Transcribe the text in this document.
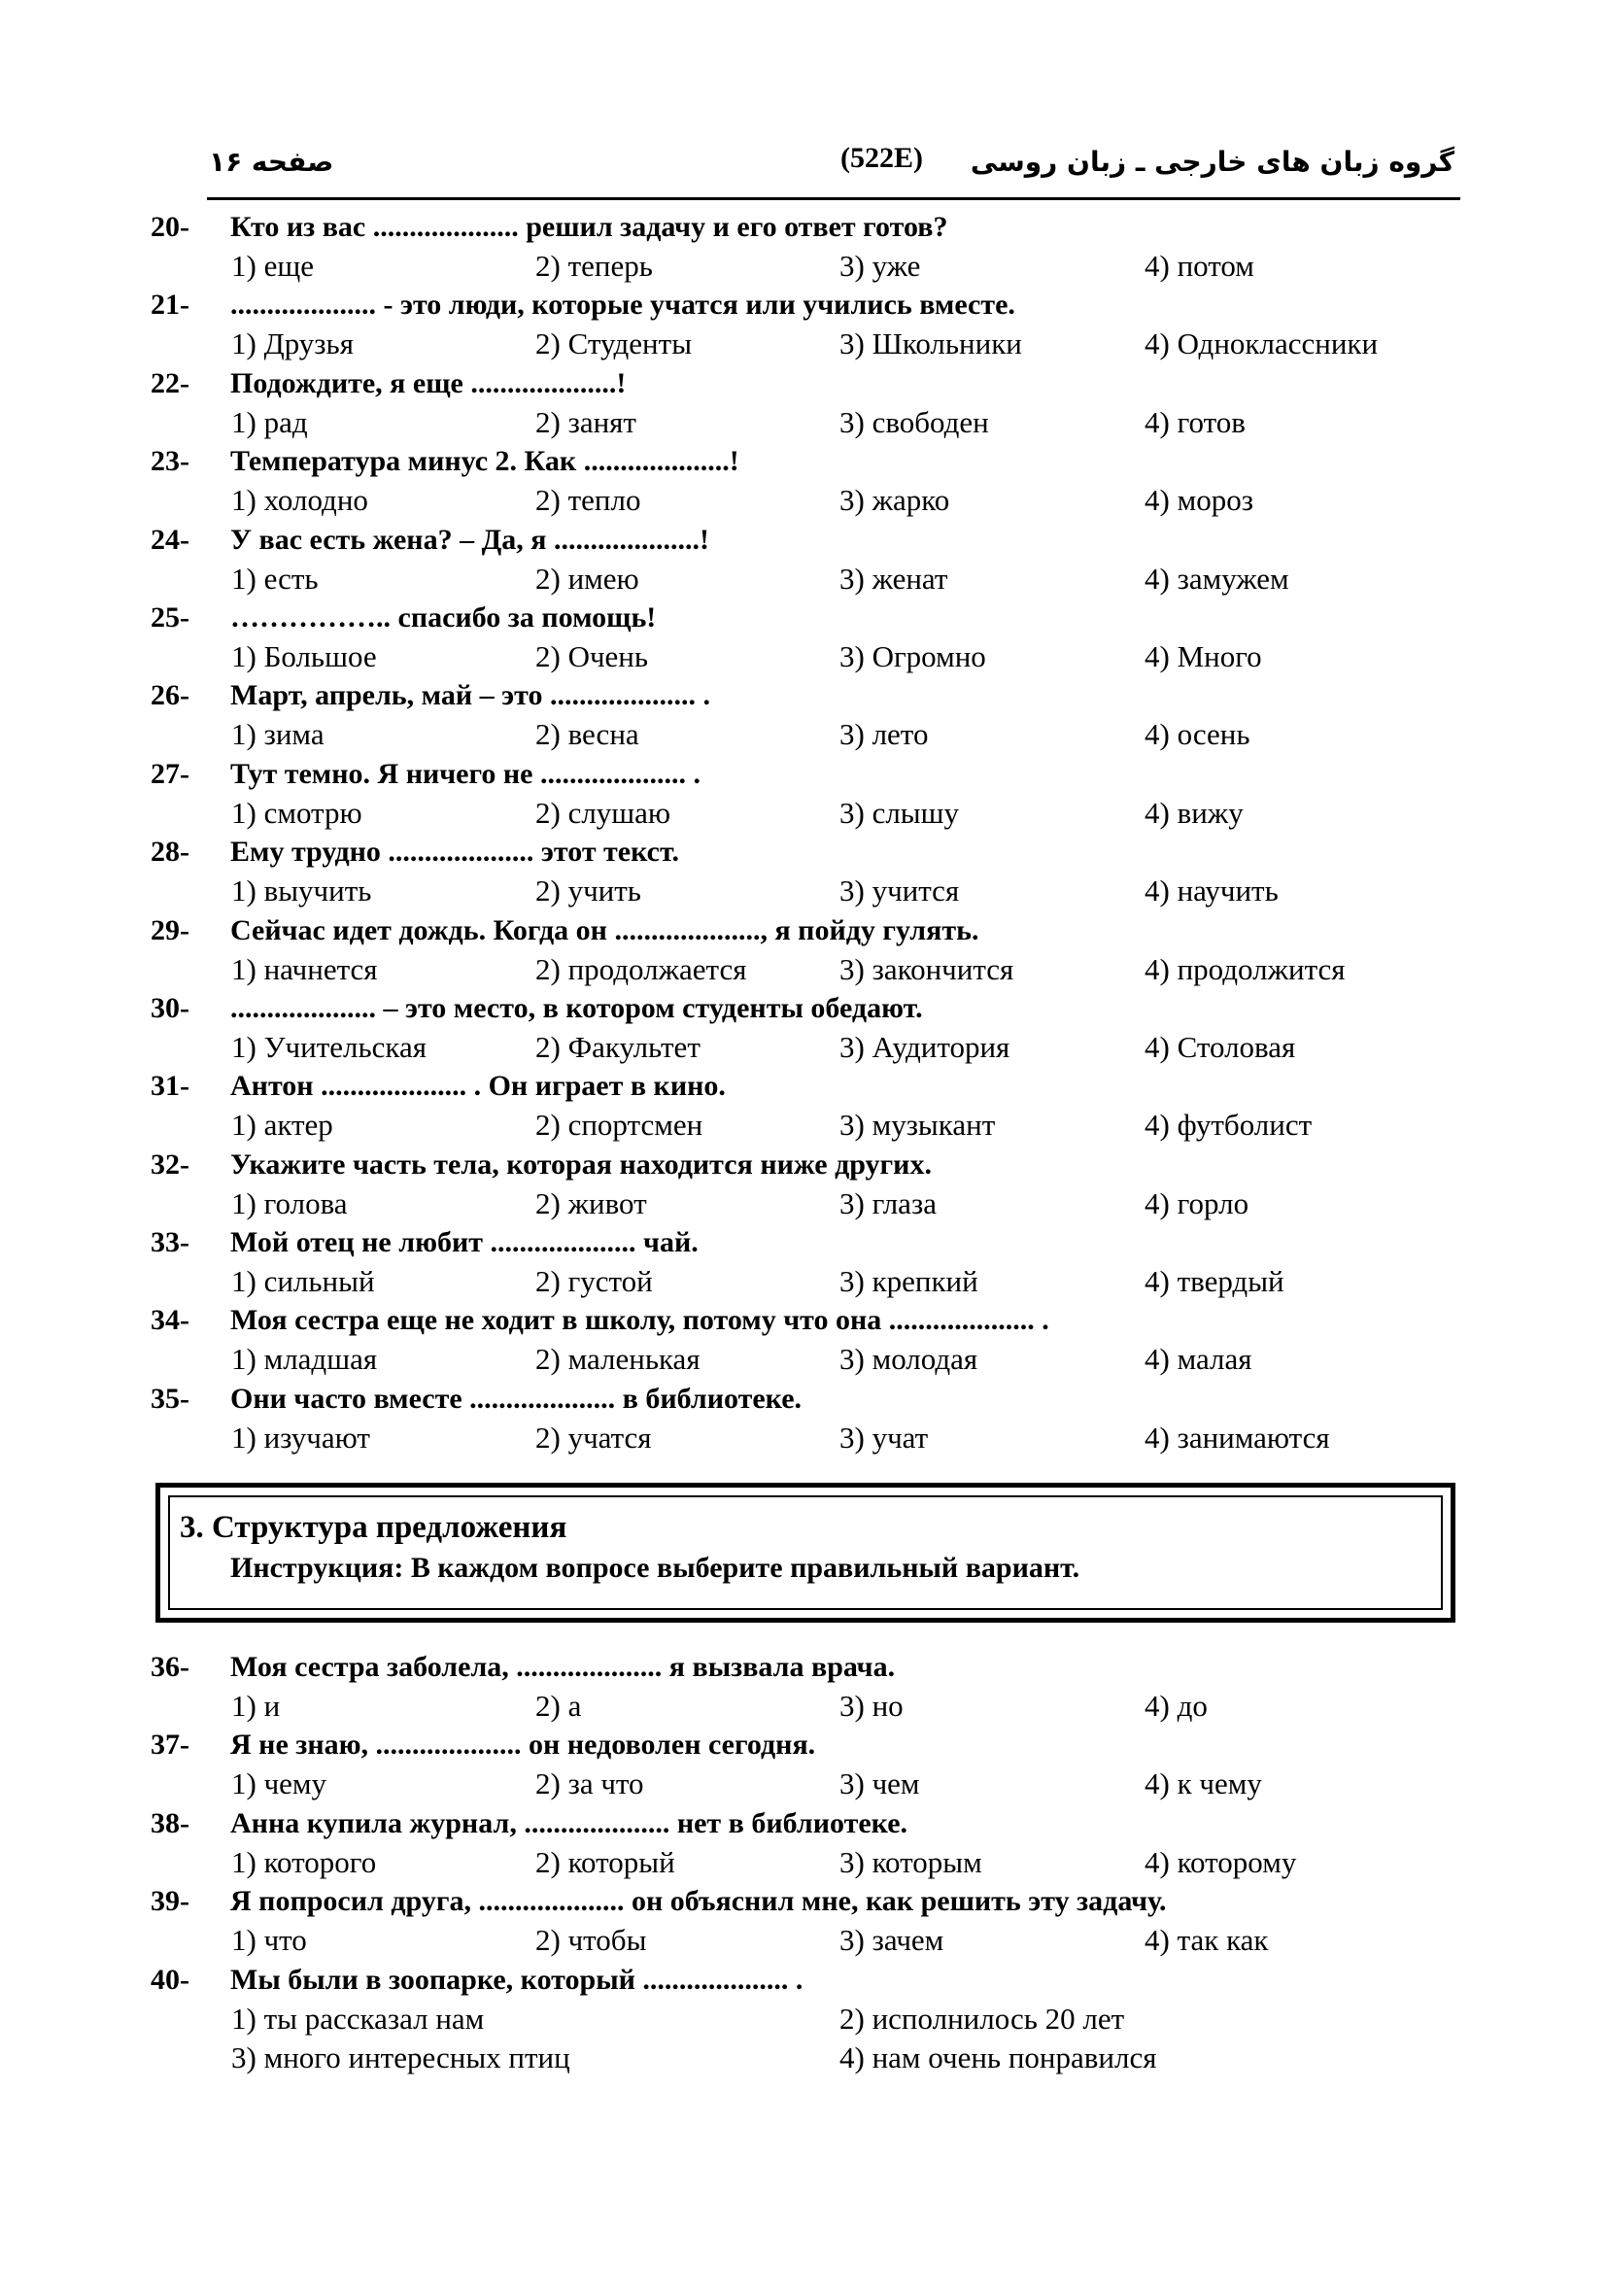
صفحه ۱۶	(522E) گروه زبان های خارجی ـ زبان روسی
20- Кто из вас .................... решил задачу и его ответ готов?
1) еще	2) теперь	3) уже	4) потом
21- .................... - это люди, которые учатся или учились вместе.
1) Друзья	2) Студенты	3) Школьники	4) Одноклассники
22- Подождите, я еще ....................!
1) рад	2) занят	3) свободен	4) готов
23- Температура минус 2. Как ....................!
1) холодно	2) тепло	3) жарко	4) мороз
24- У вас есть жена? – Да, я ....................!
1) есть	2) имею	3) женат	4) замужем
25- …………….. спасибо за помощь!
1) Большое	2) Очень	3) Огромно	4) Много
26- Март, апрель, май – это .................... .
1) зима	2) весна	3) лето	4) осень
27- Тут темно. Я ничего не .................... .
1) смотрю	2) слушаю	3) слышу	4) вижу
28- Ему трудно .................... этот текст.
1) выучить	2) учить	3) учится	4) научить
29- Сейчас идет дождь. Когда он ...................., я пойду гулять.
1) начнется	2) продолжается	3) закончится	4) продолжится
30- .................... – это место, в котором студенты обедают.
1) Учительская	2) Факультет	3) Аудитория	4) Столовая
31- Антон .................... . Он играет в кино.
1) актер	2) спортсмен	3) музыкант	4) футболист
32- Укажите часть тела, которая находится ниже других.
1) голова	2) живот	3) глаза	4) горло
33- Мой отец не любит .................... чай.
1) сильный	2) густой	3) крепкий	4) твердый
34- Моя сестра еще не ходит в школу, потому что она .................... .
1) младшая	2) маленькая	3) молодая	4) малая
35- Они часто вместе .................... в библиотеке.
1) изучают	2) учатся	3) учат	4) занимаются
3. Структура предложения
Инструкция: В каждом вопросе выберите правильный вариант.
36- Моя сестра заболела, .................... я вызвала врача.
1) и	2) а	3) но	4) до
37- Я не знаю, .................... он недоволен сегодня.
1) чему	2) за что	3) чем	4) к чему
38- Анна купила журнал, .................... нет в библиотеке.
1) которого	2) который	3) которым	4) которому
39- Я попросил друга, .................... он объяснил мне, как решить эту задачу.
1) что	2) чтобы	3) зачем	4) так как
40- Мы были в зоопарке, который .................... .
1) ты рассказал нам	2) исполнилось 20 лет
3) много интересных птиц	4) нам очень понравился
